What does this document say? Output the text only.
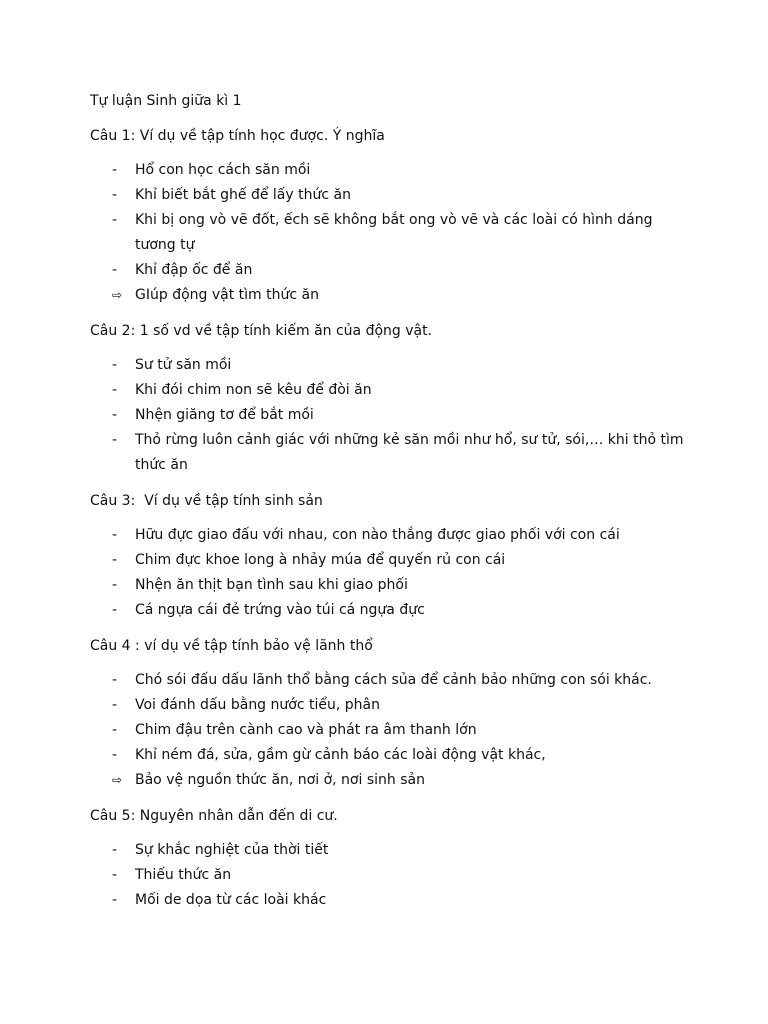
Tự luận Sinh giữa kì 1

Câu 1: Ví dụ về tập tính học được. Ý nghĩa

-	Hổ con học cách săn mồi
-	Khỉ biết bắt ghế để lấy thức ăn
-	Khi bị ong vò vẽ đốt, ếch sẽ không bắt ong vò vẽ và các loài có hình dáng tương tự
-	Khỉ đập ốc để ăn
⇨ GIúp động vật tìm thức ăn

Câu 2: 1 số vd về tập tính kiếm ăn của động vật.

-	Sư tử săn mồi
-	Khi đói chim non sẽ kêu để đòi ăn
-	Nhện giăng tơ để bắt mồi
-	Thỏ rừng luôn cảnh giác với những kẻ săn mồi như hổ, sư tử, sói,… khi thỏ tìm thức ăn

Câu 3:  Ví dụ về tập tính sinh sản

-	Hữu đực giao đấu với nhau, con nào thắng được giao phối với con cái
-	Chim đực khoe long à nhảy múa để quyến rủ con cái
-	Nhện ăn thịt bạn tình sau khi giao phối
-	Cá ngựa cái đẻ trứng vào túi cá ngựa đực

Câu 4 : ví dụ về tập tính bảo vệ lãnh thổ

-	Chó sói đấu dấu lãnh thổ bằng cách sủa để cảnh bảo những con sói khác.
-	Voi đánh dấu bằng nước tiểu, phân
-	Chim đậu trên cành cao và phát ra âm thanh lớn
-	Khỉ ném đá, sửa, gầm gừ cảnh báo các loài động vật khác,
⇨ Bảo vệ nguồn thức ăn, nơi ở, nơi sinh sản

Câu 5: Nguyên nhân dẫn đến di cư.

-	Sự khắc nghiệt của thời tiết
-	Thiếu thức ăn
-	Mối de dọa từ các loài khác
